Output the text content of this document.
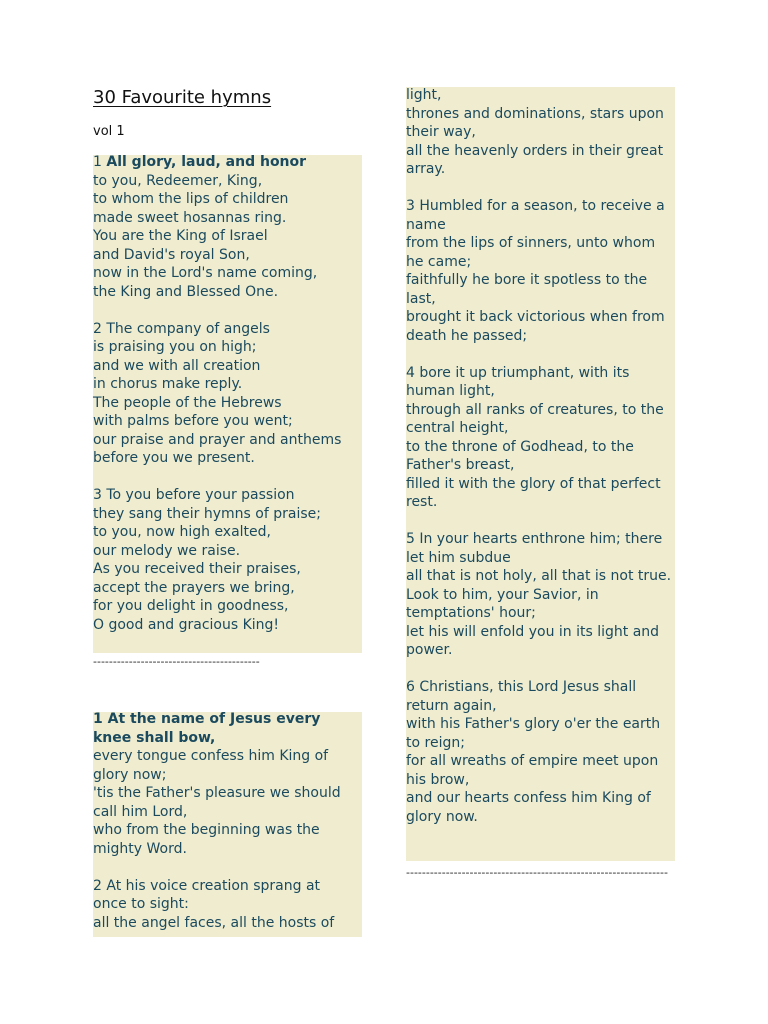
30 Favourite hymns
vol 1
1 All glory, laud, and honor
to you, Redeemer, King,
to whom the lips of children
made sweet hosannas ring.
You are the King of Israel
and David's royal Son,
now in the Lord's name coming,
the King and Blessed One.
2 The company of angels
is praising you on high;
and we with all creation
in chorus make reply.
The people of the Hebrews
with palms before you went;
our praise and prayer and anthems
before you we present.
3 To you before your passion
they sang their hymns of praise;
to you, now high exalted,
our melody we raise.
As you received their praises,
accept the prayers we bring,
for you delight in goodness,
O good and gracious King!
------------------------------------------
1 At the name of Jesus every knee shall bow,
every tongue confess him King of glory now;
'tis the Father's pleasure we should call him Lord,
who from the beginning was the mighty Word.
2 At his voice creation sprang at once to sight:
all the angel faces, all the hosts of
light,
thrones and dominations, stars upon their way,
all the heavenly orders in their great array.
3 Humbled for a season, to receive a name
from the lips of sinners, unto whom he came;
faithfully he bore it spotless to the last,
brought it back victorious when from death he passed;
4 bore it up triumphant, with its human light,
through all ranks of creatures, to the central height,
to the throne of Godhead, to the Father's breast,
filled it with the glory of that perfect rest.
5 In your hearts enthrone him; there let him subdue
all that is not holy, all that is not true.
Look to him, your Savior, in temptations' hour;
let his will enfold you in its light and power.
6 Christians, this Lord Jesus shall return again,
with his Father's glory o'er the earth to reign;
for all wreaths of empire meet upon his brow,
and our hearts confess him King of glory now.
------------------------------------------------------------------
